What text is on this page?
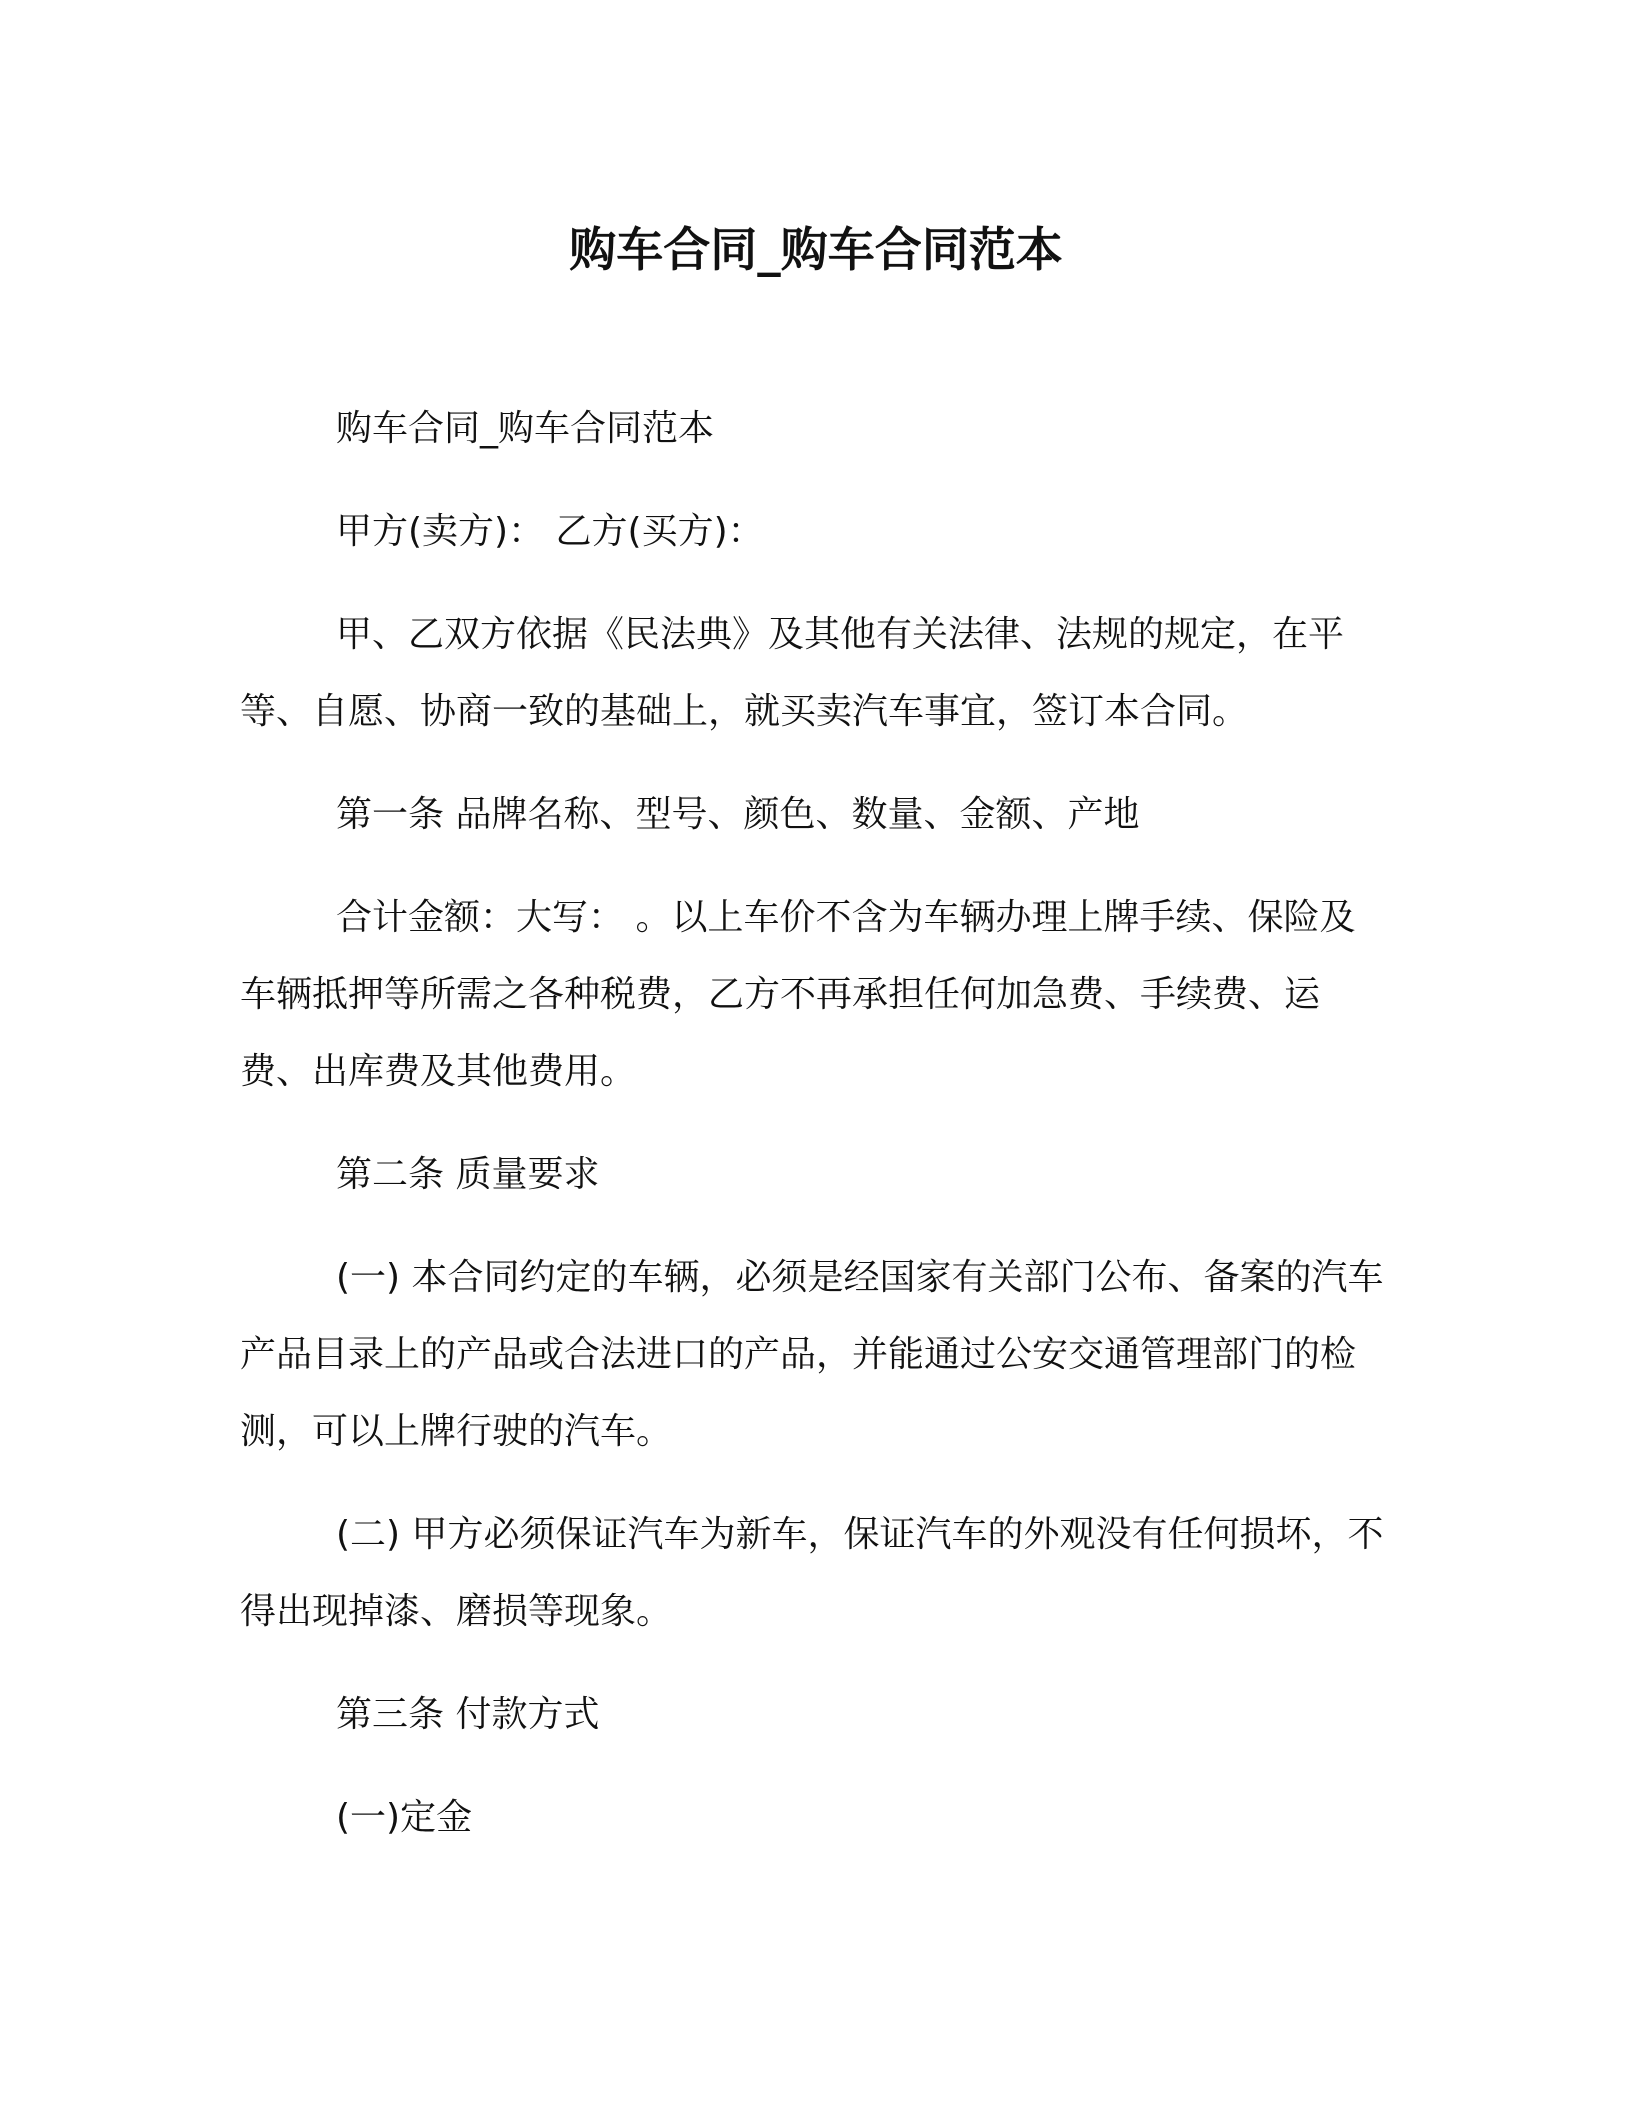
购车合同_购车合同范本

购车合同_购车合同范本

甲方(卖方)： 乙方(买方)：

甲、乙双方依据《民法典》及其他有关法律、法规的规定，在平等、自愿、协商一致的基础上，就买卖汽车事宜，签订本合同。

第一条 品牌名称、型号、颜色、数量、金额、产地

合计金额：大写： 。以上车价不含为车辆办理上牌手续、保险及车辆抵押等所需之各种税费，乙方不再承担任何加急费、手续费、运费、出库费及其他费用。

第二条 质量要求

(一) 本合同约定的车辆，必须是经国家有关部门公布、备案的汽车产品目录上的产品或合法进口的产品，并能通过公安交通管理部门的检测，可以上牌行驶的汽车。

(二) 甲方必须保证汽车为新车，保证汽车的外观没有任何损坏，不得出现掉漆、磨损等现象。

第三条 付款方式

(一)定金
